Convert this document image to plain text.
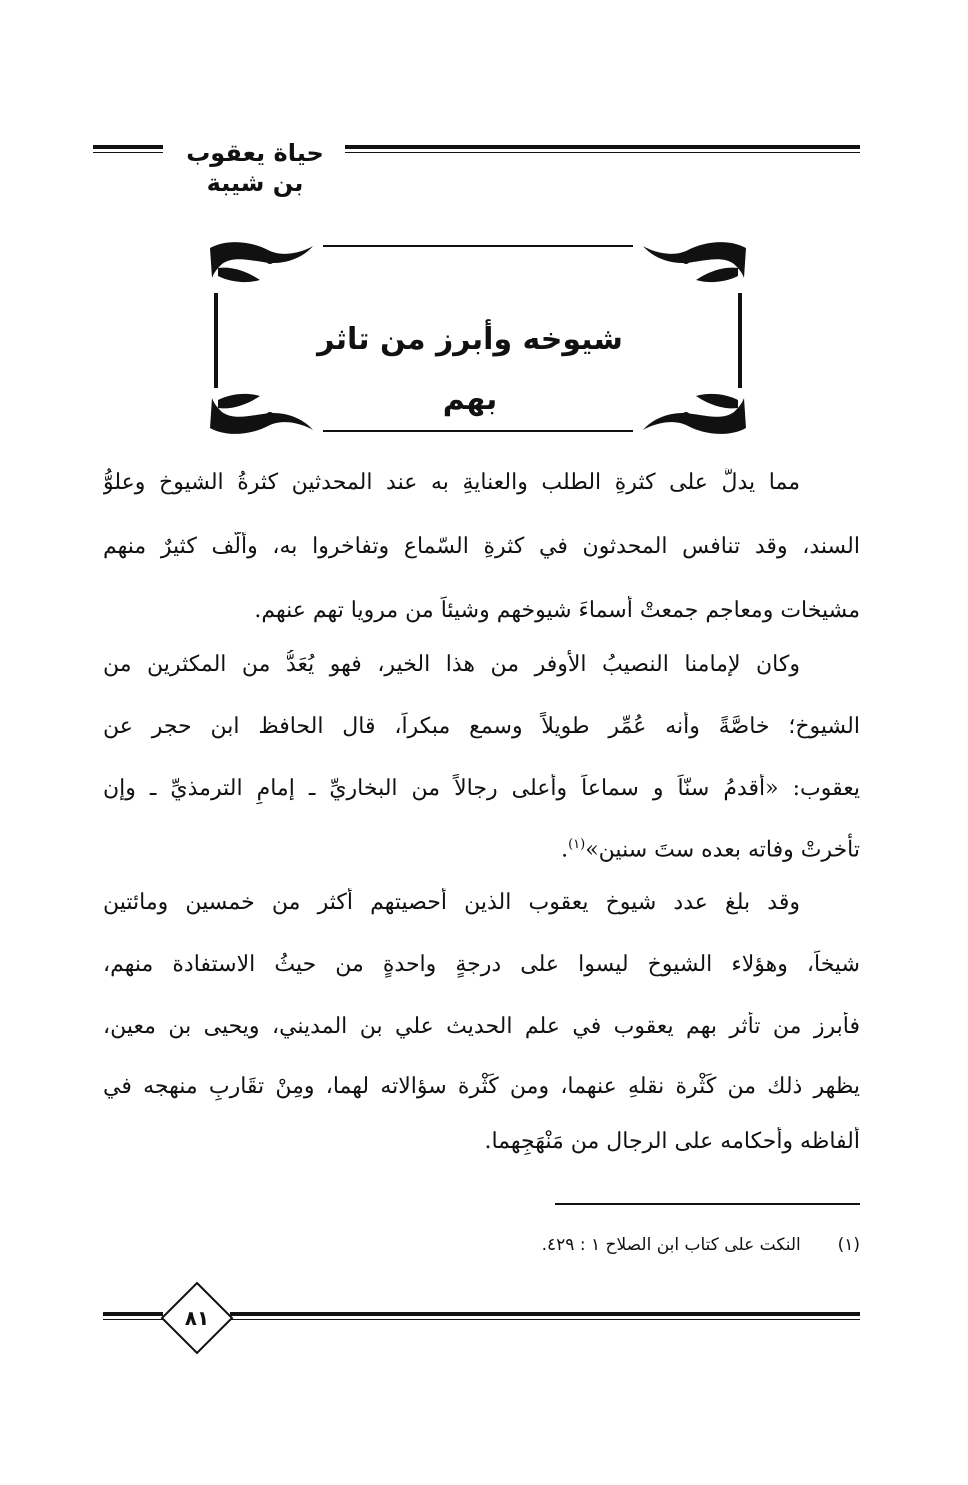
حياة يعقوب بن شيبة
شيوخه وأبرز من تاثر بهم

مما يدلُّ على كثرةِ الطلب والعنايةِ به عند المحدثين كثرةُ الشيوخ وعلوُّ

السند، وقد تنافس المحدثون في كثرةِ السّماع وتفاخروا به، وألَّف كثيرٌ منهم

مشيخات ومعاجم جمعتْ أسماءَ شيوخهم وشيئاً من مرويا تهم عنهم.

وكان لإمامنا النصيبُ الأوفر من هذا الخير، فهو يُعَدُّ من المكثرين من

الشيوخ؛ خاصَّةً وأنه عُمِّر طويلاً وسمع مبكراً، قال الحافظ ابن حجر عن

يعقوب: «أقدمُ سنّاً و سماعاً وأعلى رجالاً من البخاريِّ ـ إمامِ الترمذيِّ ـ وإن

تأخرتْ وفاته بعده ستَ سنين»$^{(١)}$.

وقد بلغ عدد شيوخ يعقوب الذين أحصيتهم أكثر من خمسين ومائتين

شيخاً، وهؤلاء الشيوخ ليسوا على درجةٍ واحدةٍ من حيثُ الاستفادة منهم،

فأبرز من تأثر بهم يعقوب في علم الحديث علي بن المديني، ويحيى بن معين،

يظهر ذلك من كَثْرة نقلهِ عنهما، ومن كَثْرة سؤالاته لهما، ومِنْ تقَاربِ منهجه في

ألفاظه وأحكامه على الرجال من مَنْهَجِهما.

(١)  النكت على كتاب ابن الصلاح ١ : ٤٢٩.
٨١
